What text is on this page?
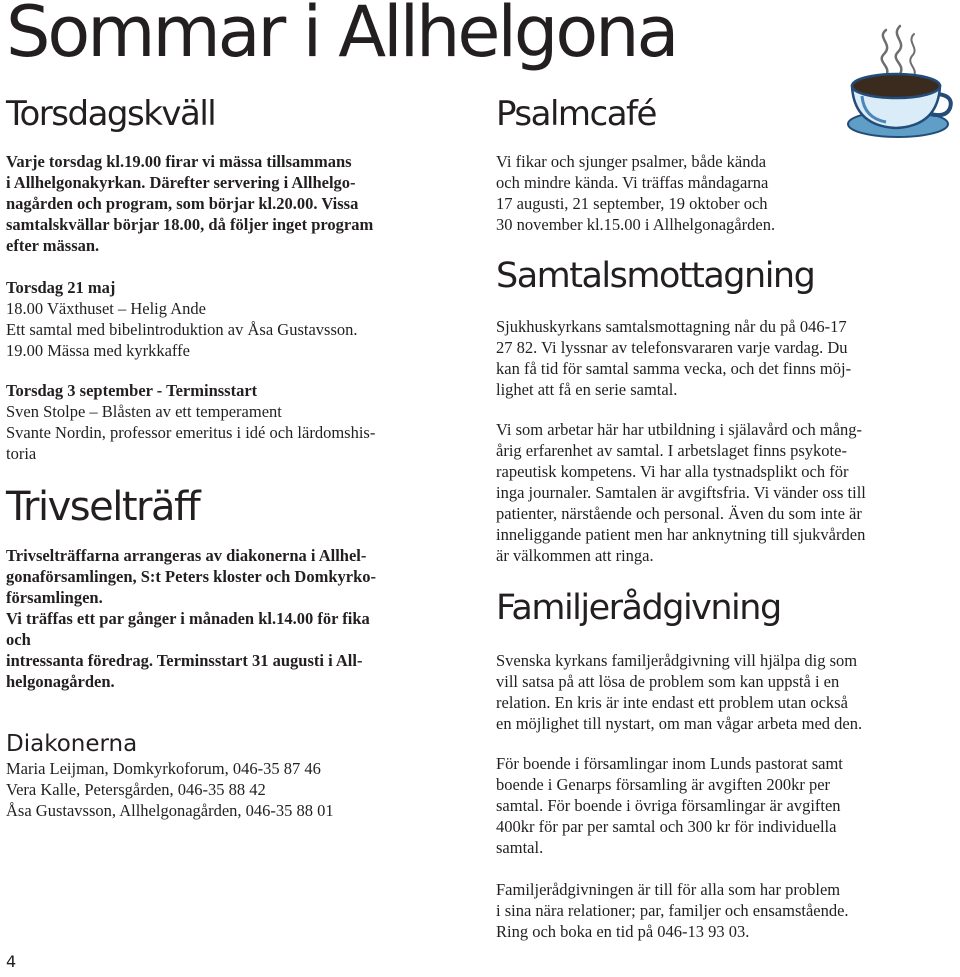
Sommar i Allhelgona
Torsdagskväll
Varje torsdag kl.19.00 firar vi mässa tillsammans
i Allhelgonakyrkan. Därefter servering i Allhelgo-
nagården och program, som börjar kl.20.00. Vissa
samtalskvällar börjar 18.00, då följer inget program
efter mässan.
Torsdag 21 maj
18.00 Växthuset – Helig Ande
Ett samtal med bibelintroduktion av Åsa Gustavsson.
19.00 Mässa med kyrkkaffe
Torsdag 3 september - Terminsstart
Sven Stolpe – Blåsten av ett temperament
Svante Nordin, professor emeritus i idé och lärdomshis-
toria
Trivselträff
Trivselträffarna arrangeras av diakonerna i Allhel-
gonaförsamlingen, S:t Peters kloster och Domkyrko-
församlingen.
Vi träffas ett par gånger i månaden kl.14.00 för fika
och
intressanta föredrag. Terminsstart 31 augusti i All-
helgonagården.
Diakonerna
Maria Leijman, Domkyrkoforum, 046-35 87 46
Vera Kalle, Petersgården, 046-35 88 42
Åsa Gustavsson, Allhelgonagården, 046-35 88 01
Psalmcafé
Vi fikar och sjunger psalmer, både kända
och mindre kända. Vi träffas måndagarna
17 augusti, 21 september, 19 oktober och
30 november kl.15.00 i Allhelgonagården.
Samtalsmottagning
Sjukhuskyrkans samtalsmottagning når du på 046-17
27 82. Vi lyssnar av telefonsvararen varje vardag. Du
kan få tid för samtal samma vecka, och det finns möj-
lighet att få en serie samtal.
Vi som arbetar här har utbildning i själavård och mång-
årig erfarenhet av samtal. I arbetslaget finns psykote-
rapeutisk kompetens. Vi har alla tystnadsplikt och för
inga journaler. Samtalen är avgiftsfria. Vi vänder oss till
patienter, närstående och personal. Även du som inte är
inneliggande patient men har anknytning till sjukvården
är välkommen att ringa.
Familjerådgivning
Svenska kyrkans familjerådgivning vill hjälpa dig som
vill satsa på att lösa de problem som kan uppstå i en
relation. En kris är inte endast ett problem utan också
en möjlighet till nystart, om man vågar arbeta med den.
För boende i församlingar inom Lunds pastorat samt
boende i Genarps församling är avgiften 200kr per
samtal. För boende i övriga församlingar är avgiften
400kr för par per samtal och 300 kr för individuella
samtal.
Familjerådgivningen är till för alla som har problem
i sina nära relationer; par, familjer och ensamstående.
Ring och boka en tid på 046-13 93 03.
4
